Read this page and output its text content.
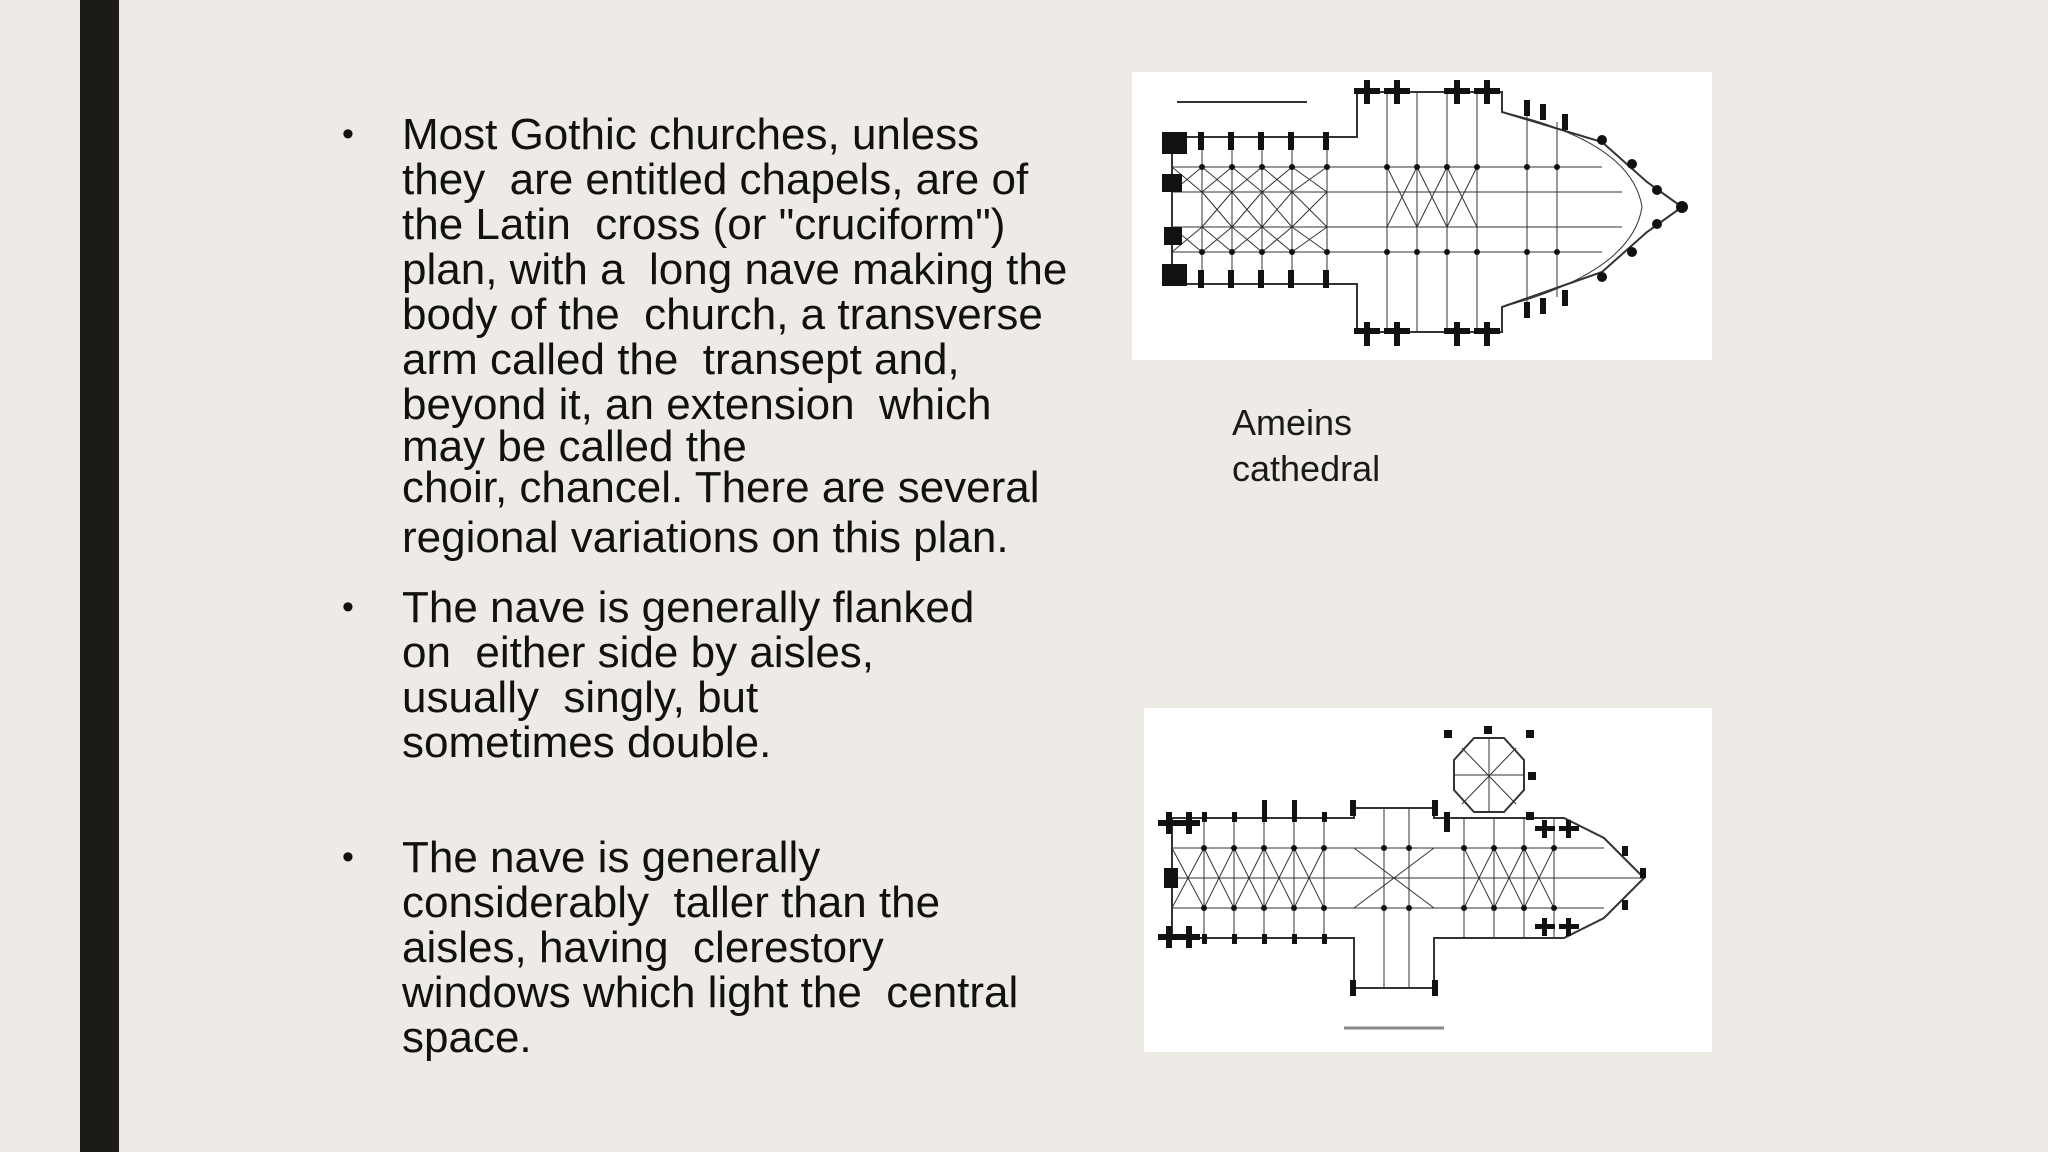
• Most Gothic churches, unless
they  are entitled chapels, are of
the Latin  cross (or "cruciform")
plan, with a  long nave making the
body of the  church, a transverse
arm called the  transept and,
beyond it, an extension  which
may be called the
choir, chancel. There are several
regional variations on this plan.
• The nave is generally flanked
on  either side by aisles,
usually  singly, but
sometimes double.
• The nave is generally
considerably  taller than the
aisles, having  clerestory
windows which light the  central
space.
Ameins
cathedral
